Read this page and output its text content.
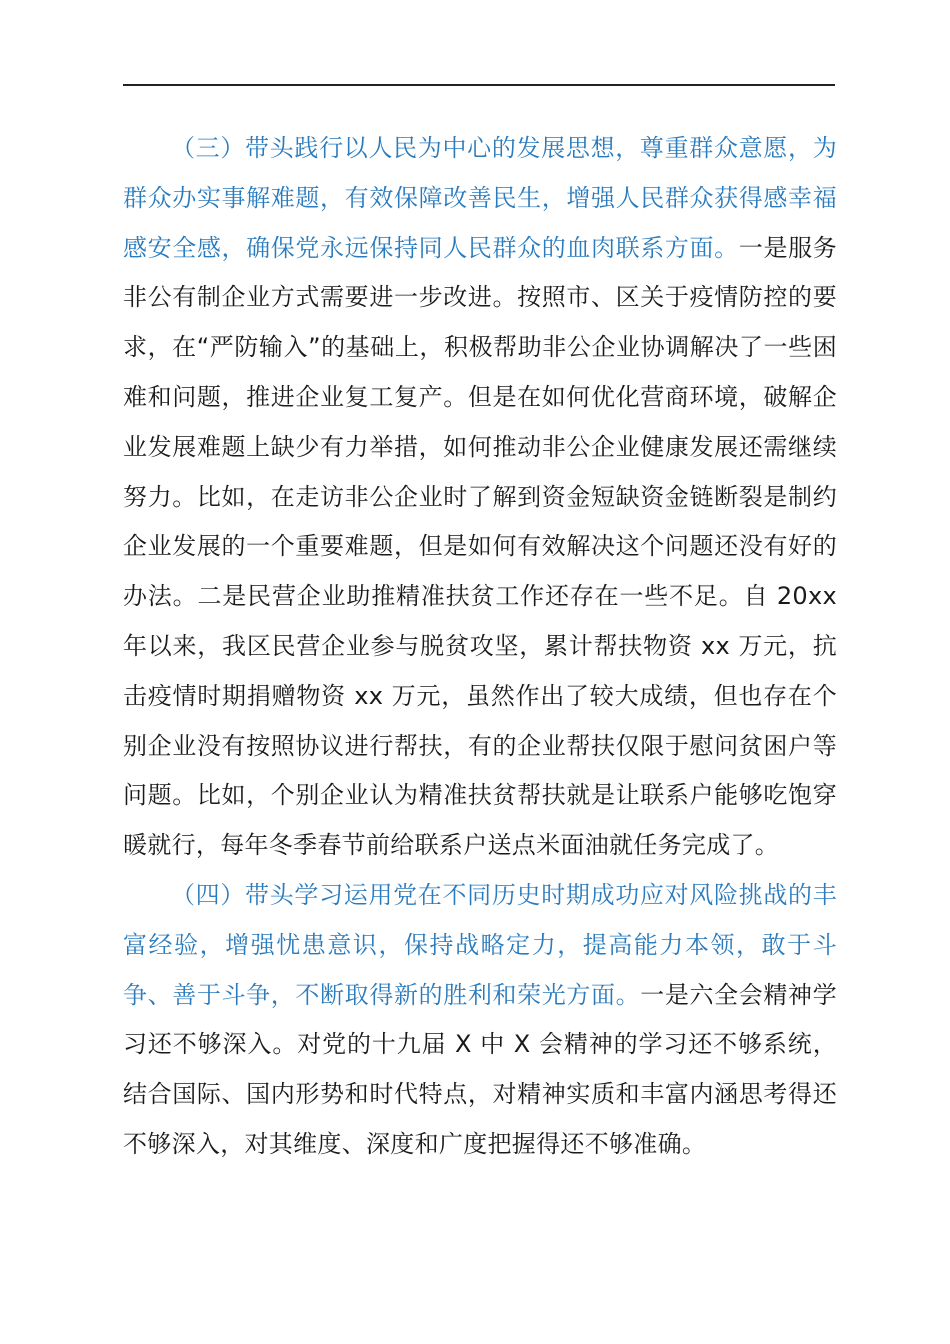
（三）带头践行以人民为中心的发展思想，尊重群众意愿，为群众办实事解难题，有效保障改善民生，增强人民群众获得感幸福感安全感，确保党永远保持同人民群众的血肉联系方面。一是服务非公有制企业方式需要进一步改进。按照市、区关于疫情防控的要求，在“严防输入”的基础上，积极帮助非公企业协调解决了一些困难和问题，推进企业复工复产。但是在如何优化营商环境，破解企业发展难题上缺少有力举措，如何推动非公企业健康发展还需继续努力。比如，在走访非公企业时了解到资金短缺资金链断裂是制约企业发展的一个重要难题，但是如何有效解决这个问题还没有好的办法。二是民营企业助推精准扶贫工作还存在一些不足。自 20xx 年以来，我区民营企业参与脱贫攻坚，累计帮扶物资 xx 万元，抗击疫情时期捐赠物资 xx 万元，虽然作出了较大成绩，但也存在个别企业没有按照协议进行帮扶，有的企业帮扶仅限于慰问贫困户等问题。比如，个别企业认为精准扶贫帮扶就是让联系户能够吃饱穿暖就行，每年冬季春节前给联系户送点米面油就任务完成了。

（四）带头学习运用党在不同历史时期成功应对风险挑战的丰富经验，增强忧患意识，保持战略定力，提高能力本领，敢于斗争、善于斗争，不断取得新的胜利和荣光方面。一是六全会精神学习还不够深入。对党的十九届 X 中 X 会精神的学习还不够系统，结合国际、国内形势和时代特点，对精神实质和丰富内涵思考得还不够深入，对其维度、深度和广度把握得还不够准确。
